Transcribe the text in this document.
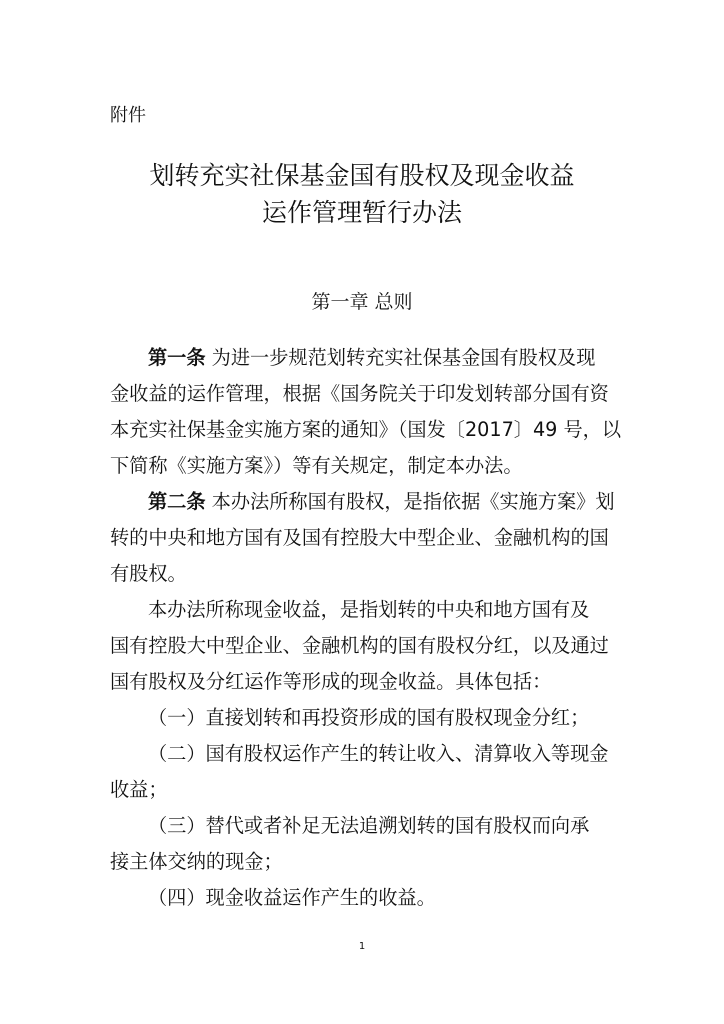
附件
划转充实社保基金国有股权及现金收益
运作管理暂行办法
第一章 总则
第一条 为进一步规范划转充实社保基金国有股权及现
金收益的运作管理，根据《国务院关于印发划转部分国有资
本充实社保基金实施方案的通知》（国发〔2017〕49 号，以
下简称《实施方案》）等有关规定，制定本办法。
第二条 本办法所称国有股权，是指依据《实施方案》划
转的中央和地方国有及国有控股大中型企业、金融机构的国
有股权。
本办法所称现金收益，是指划转的中央和地方国有及
国有控股大中型企业、金融机构的国有股权分红，以及通过
国有股权及分红运作等形成的现金收益。具体包括：
（一）直接划转和再投资形成的国有股权现金分红；
（二）国有股权运作产生的转让收入、清算收入等现金
收益；
（三）替代或者补足无法追溯划转的国有股权而向承
接主体交纳的现金；
（四）现金收益运作产生的收益。
1
